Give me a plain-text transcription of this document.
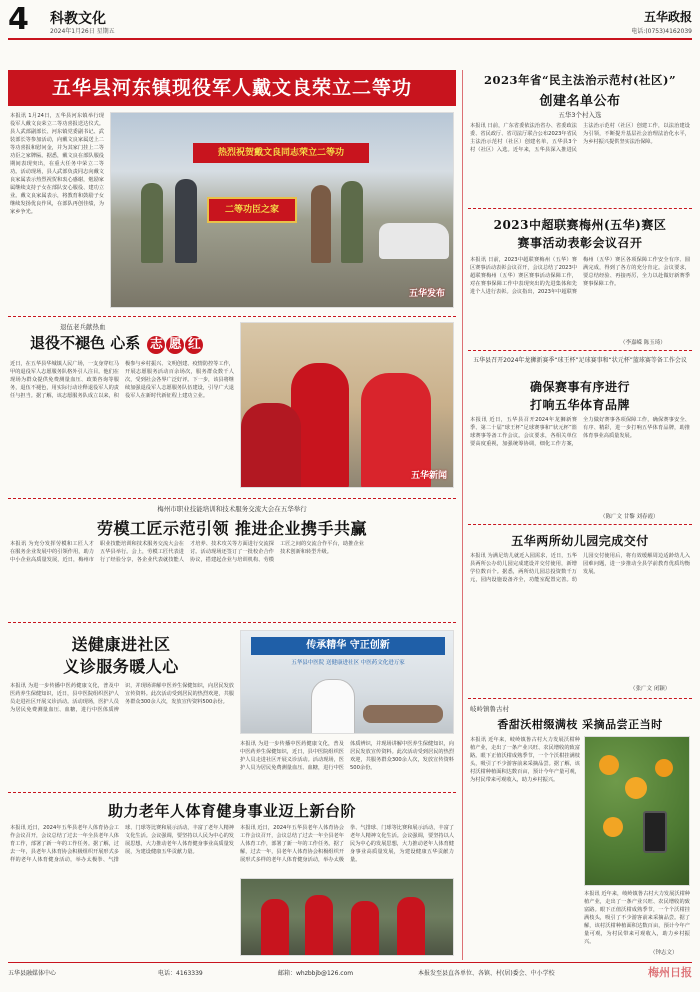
4	科教文化
2024年1月26日 星期五
五华政报
电话:(0753)4162039
五华县河东镇现役军人戴文良荣立二等功
本报讯 1月24日，五华县河东镇举行现役军人戴文良荣立二等功喜报送达仪式。县人武部副部长、河东镇党委副书记、武装部长等参加活动，向戴文良家属送上二等功喜报和慰问金，并为其家门挂上二等功臣之家牌匾。据悉，戴文良在部队服役期间表现突出，在重大任务中荣立二等功。活动现场，县人武部负责同志向戴文良家属表示热烈祝贺和衷心感谢，勉励家属继续支持子女在部队安心服役、建功立业。戴文良家属表示，将教育和鼓励子女继续发扬优良作风，在部队再创佳绩，为家乡争光。
热烈祝贺戴文良同志荣立二等功
二等功臣之家
五华发布
退伍老兵献热血
退役不褪色 心系 志 愿 红
近日，在五华县华城镇人民广场，一支身穿红马甲的退役军人志愿服务队格外引人注目。他们在现场为群众提供免费测量血压、政策咨询等服务，退伍不褪色，用实际行动诠释退役军人的责任与担当。据了解，该志愿服务队成立以来，积极参与乡村振兴、文明创建、疫情防控等工作，开展志愿服务活动百余场次，服务群众数千人次，受到社会各界广泛好评。下一步，该县将继续加强退役军人志愿服务队伍建设，引导广大退役军人在新时代新征程上建功立业。
五华新闻
梅州市职业技能培训和技术服务交流大会在五华举行
劳模工匠示范引领 推进企业携手共赢
本报讯 为充分发挥劳模和工匠人才在服务企业发展中的引领作用，助力中小企业高质量发展，近日，梅州市职业技能培训和技术服务交流大会在五华县举行。会上，劳模工匠代表进行了经验分享，各企业代表就技能人才培养、技术攻关等方面进行交流探讨。活动现场还签订了一批校企合作协议，搭建起企业与培训机构、劳模工匠之间的交流合作平台，助推企业技术创新和转型升级。
送健康进社区
义诊服务暖人心
本报讯 为进一步传播中医药健康文化，普及中医药养生保健知识，近日，县中医院组织医护人员走进社区开展义诊活动。活动现场，医护人员为居民免费测量血压、血糖，进行中医体质辨识，并现场讲解中医养生保健知识，向居民发放宣传资料。此次活动受到居民的热烈欢迎，共服务群众300余人次，发放宣传资料500余份。
传承精华 守正创新
五华县中医院 送健康进社区 中医药文化进万家
本报讯 为进一步传播中医药健康文化，普及中医药养生保健知识，近日，县中医院组织医护人员走进社区开展义诊活动。活动现场，医护人员为居民免费测量血压、血糖，进行中医体质辨识，并现场讲解中医养生保健知识，向居民发放宣传资料。此次活动受到居民的热烈欢迎，共服务群众300余人次，发放宣传资料500余份。
助力老年人体育健身事业迈上新台阶
本报讯 近日，2024年五华县老年人体育协会工作会议召开，会议总结了过去一年全县老年人体育工作，部署了新一年的工作任务。据了解，过去一年，县老年人体育协会积极组织开展形式多样的老年人体育健身活动，举办太极拳、气排球、门球等比赛和展示活动，丰富了老年人精神文化生活。会议强调，要坚持以人民为中心的发展思想，大力推动老年人体育健身事业高质量发展，为建设健康五华贡献力量。
本报讯 近日，2024年五华县老年人体育协会工作会议召开，会议总结了过去一年全县老年人体育工作，部署了新一年的工作任务。据了解，过去一年，县老年人体育协会积极组织开展形式多样的老年人体育健身活动，举办太极拳、气排球、门球等比赛和展示活动，丰富了老年人精神文化生活。会议强调，要坚持以人民为中心的发展思想，大力推动老年人体育健身事业高质量发展，为建设健康五华贡献力量。
2023年省“民主法治示范村(社区)”
创建名单公布
五华3个村入选
本报讯 日前，广东省委依法治省办、省委政法委、省民政厅、省司法厅联合公布2023年省民主法治示范村（社区）创建名单，五华县3个村（社区）入选。近年来，五华县深入推进民主法治示范村（社区）创建工作，以法治建设为引领，不断提升基层社会治理法治化水平，为乡村振兴提供坚实法治保障。
2023中超联赛梅州(五华)赛区
赛事活动表彰会议召开
本报讯 日前，2023中超联赛梅州（五华）赛区赛事活动表彰会议召开，会议总结了2023中超联赛梅州（五华）赛区赛事活动保障工作，对在赛事保障工作中表现突出的先进集体和先进个人进行表彰。会议指出，2023年中超联赛梅州（五华）赛区各项保障工作安全有序、圆满完成，得到了各方的充分肯定。会议要求，要总结经验、再接再厉，全力以赴做好新赛季赛事保障工作。
（李嘉嵘 陈玉琦）
五华县召开2024年龙狮新赛季“球王杯”足球赛事和“状元杯”篮球赛等备工作会议
确保赛事有序进行
打响五华体育品牌
本报讯 近日，五华县召开2024年龙狮新赛季、第二十届“球王杯”足球赛事和“状元杯”篮球赛事等备工作会议。会议要求，各相关单位要高度重视，加强统筹协调，细化工作方案，全力做好赛事各项保障工作，确保赛事安全、有序、精彩，进一步打响五华体育品牌，助推体育事业高质量发展。
（陈广文 甘黎 刘春霞）
五华两所幼儿园完成交付
本报讯 为满足幼儿就近入园需求，近日，五华县两所公办幼儿园完成建设并交付使用，新增学位数百个。据悉，两所幼儿园总投资数千万元，园内设施设备齐全，功能室配置完善。幼儿园交付使用后，将有效缓解周边适龄幼儿入园难问题，进一步推动全县学前教育优质均衡发展。
（张广文 闭颖）
岐岭镇鲁古村
香甜沃柑缀满枝 采摘品尝正当时
本报讯 近年来，岐岭镇鲁古村大力发展沃柑种植产业，走出了一条产业兴旺、农民增收的致富路。眼下正值沃柑成熟季节，一个个沃柑挂满枝头，吸引了不少游客前来采摘品尝。据了解，该村沃柑种植面积达数百亩，预计今年产量可观，为村民带来可观收入，助力乡村振兴。
本报讯 近年来，岐岭镇鲁古村大力发展沃柑种植产业，走出了一条产业兴旺、农民增收的致富路。眼下正值沃柑成熟季节，一个个沃柑挂满枝头，吸引了不少游客前来采摘品尝。据了解，该村沃柑种植面积达数百亩，预计今年产量可观，为村民带来可观收入，助力乡村振兴。
（钟志文）
五华县融媒体中心	电话：4163339	邮箱：whzbbjb@126.com	本报发至县直各单位、各镇、村(居)委会、中小学校	梅州日报
